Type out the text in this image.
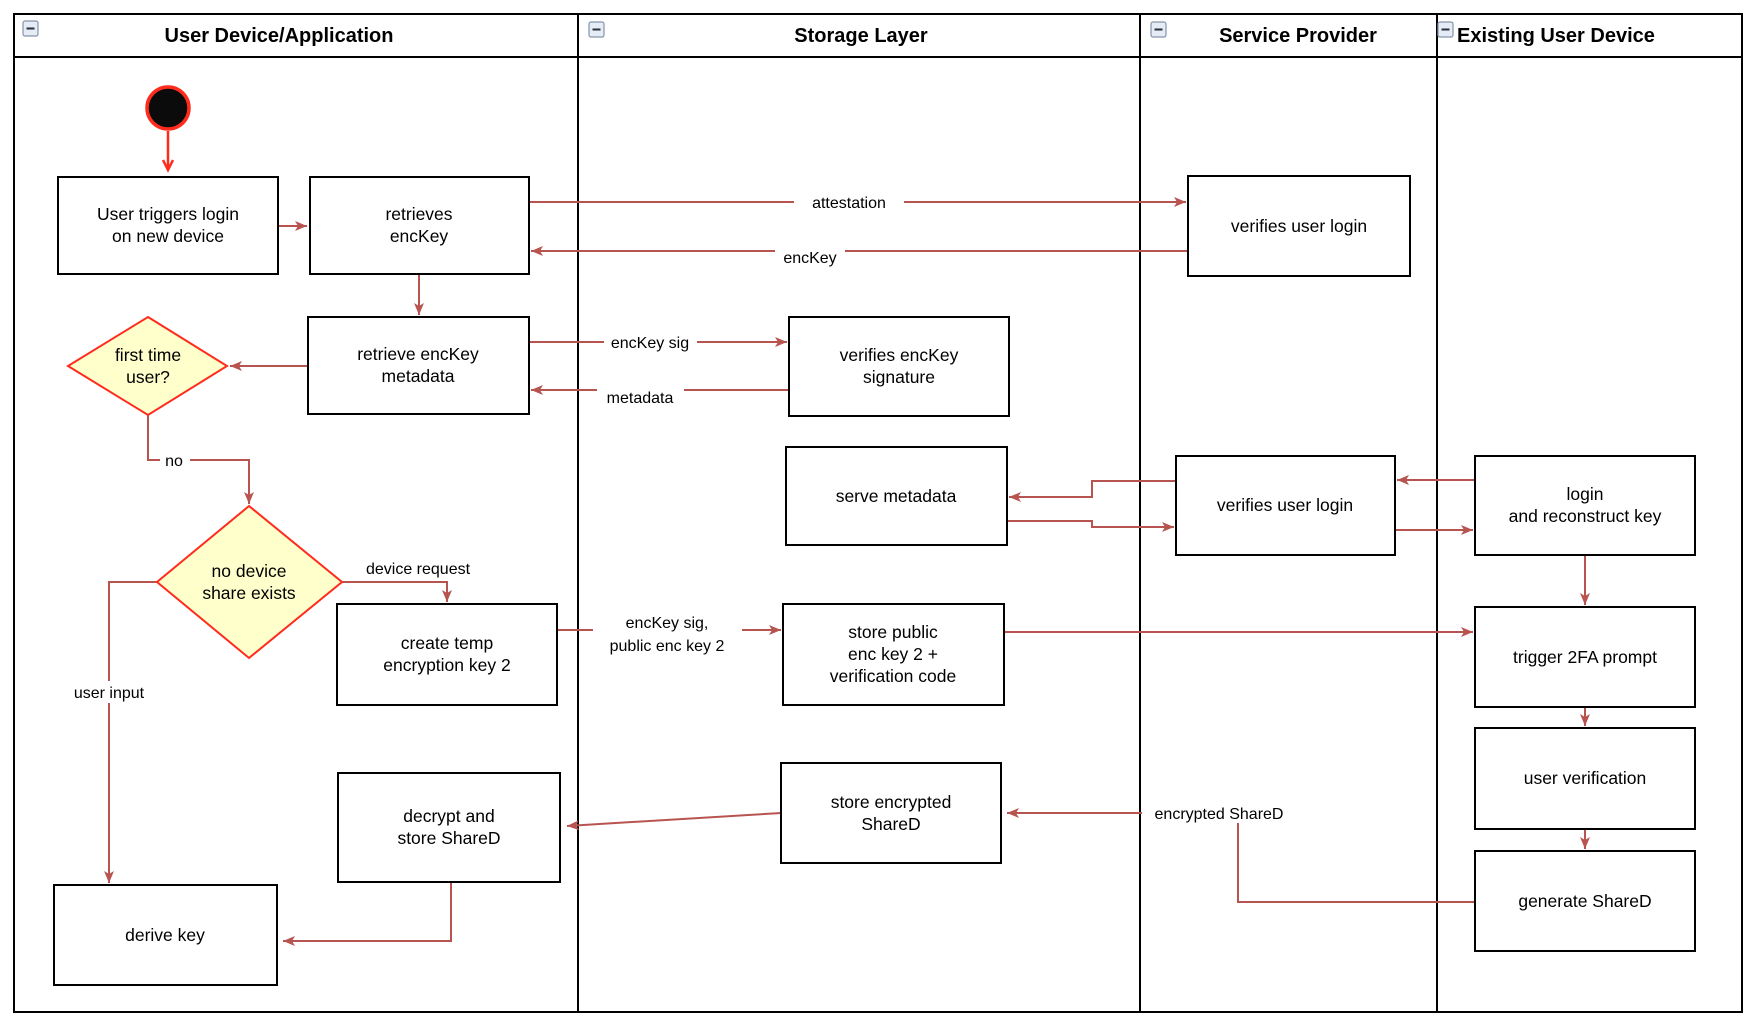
User Device/Application	Storage Layer	Service Provider	Existing User Device
attestation
encKey
encKey sig
metadata
no
device request
encKey sig,
public enc key 2
user input
encrypted ShareD
User triggers login
on new device
retrieves
encKey	verifies user login
retrieve encKey
metadata
first time
user?
verifies encKey
signature
serve metadata	verifies user login
login
and reconstruct key
no device
share exists
create temp
encryption key 2
store public
enc key 2 +
verification code
trigger 2FA prompt
user verification
generate ShareD
store encrypted
ShareD
decrypt and
store ShareD
derive key
